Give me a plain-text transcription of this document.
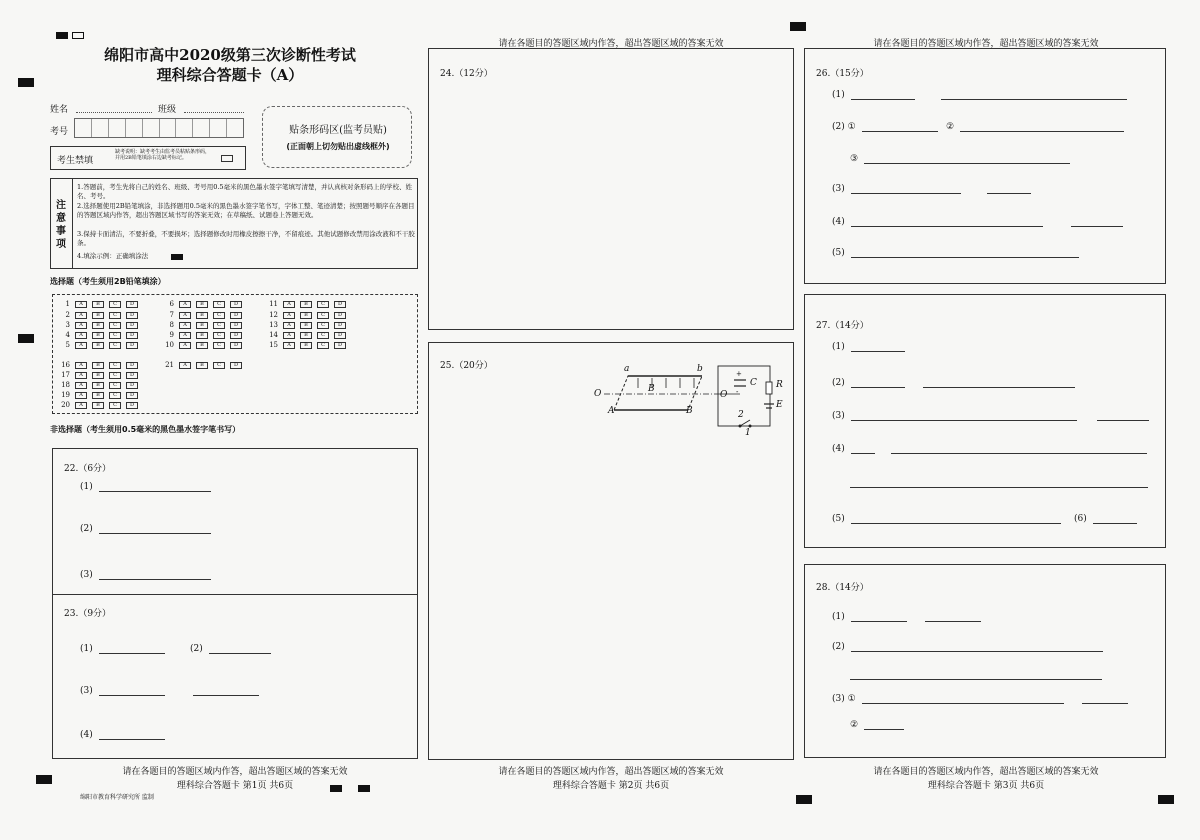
绵阳市高中2020级第三次诊断性考试
理科综合答题卡（A）
姓名	班级
考号
考生禁填
缺考说明：缺考考生由监考员粘贴条形码，并用2B铅笔填涂右边缺考标记。
贴条形码区(监考员贴)
(正面朝上切勿贴出虚线框外)
注意事项
1.答题前，考生先将自己的姓名、班级、考号用0.5毫米的黑色墨水签字笔填写清楚，并认真核对条形码上的学校、姓名、考号。
2.选择题使用2B铅笔填涂，非选择题用0.5毫米的黑色墨水签字笔书写，字体工整、笔迹清楚；按照题号顺序在各题目的答题区域内作答，超出答题区域书写的答案无效；在草稿纸、试题卷上答题无效。
3.保持卡面清洁，不要折叠，不要损坏；选择题修改时用橡皮擦擦干净，不留痕迹。其他试题修改禁用涂改液和不干胶条。
4.填涂示例：正确填涂法
选择题（考生须用2B铅笔填涂）
1 A	B	C	D
2 A	B	C	D
3 A	B	C	D
4 A	B	C	D
5 A	B	C	D
6 A	B	C	D
7 A	B	C	D
8 A	B	C	D
9 A	B	C	D
10 A	B	C	D
11 A	B	C	D
12 A	B	C	D
13 A	B	C	D
14 A	B	C	D
15 A	B	C	D
16 A	B	C	D
17 A	B	C	D
18 A	B	C	D
19 A	B	C	D
20 A	B	C	D
21 A	B	C	D
非选择题（考生须用0.5毫米的黑色墨水签字笔书写）
22.（6分）
(1)
(2)
(3)
23.（9分）
(1)	(2)
(3)
(4)
请在各题目的答题区域内作答，超出答题区域的答案无效
理科综合答题卡 第1页 共6页
绵阳市教育科学研究所 监制
请在各题目的答题区域内作答，超出答题区域的答案无效
24.（12分）
25.（20分）	a	b
A	B
B
C R
E
O	O
1
2
+
-
请在各题目的答题区域内作答，超出答题区域的答案无效
理科综合答题卡 第2页 共6页
请在各题目的答题区域内作答，超出答题区域的答案无效
26.（15分）
(1)
(2) ①	②
③
(3)
(4)
(5)
27.（14分）
(1)
(2)
(3)
(4)
(5)	(6)
28.（14分）
(1)
(2)
(3) ①
②
请在各题目的答题区域内作答，超出答题区域的答案无效
理科综合答题卡 第3页 共6页
